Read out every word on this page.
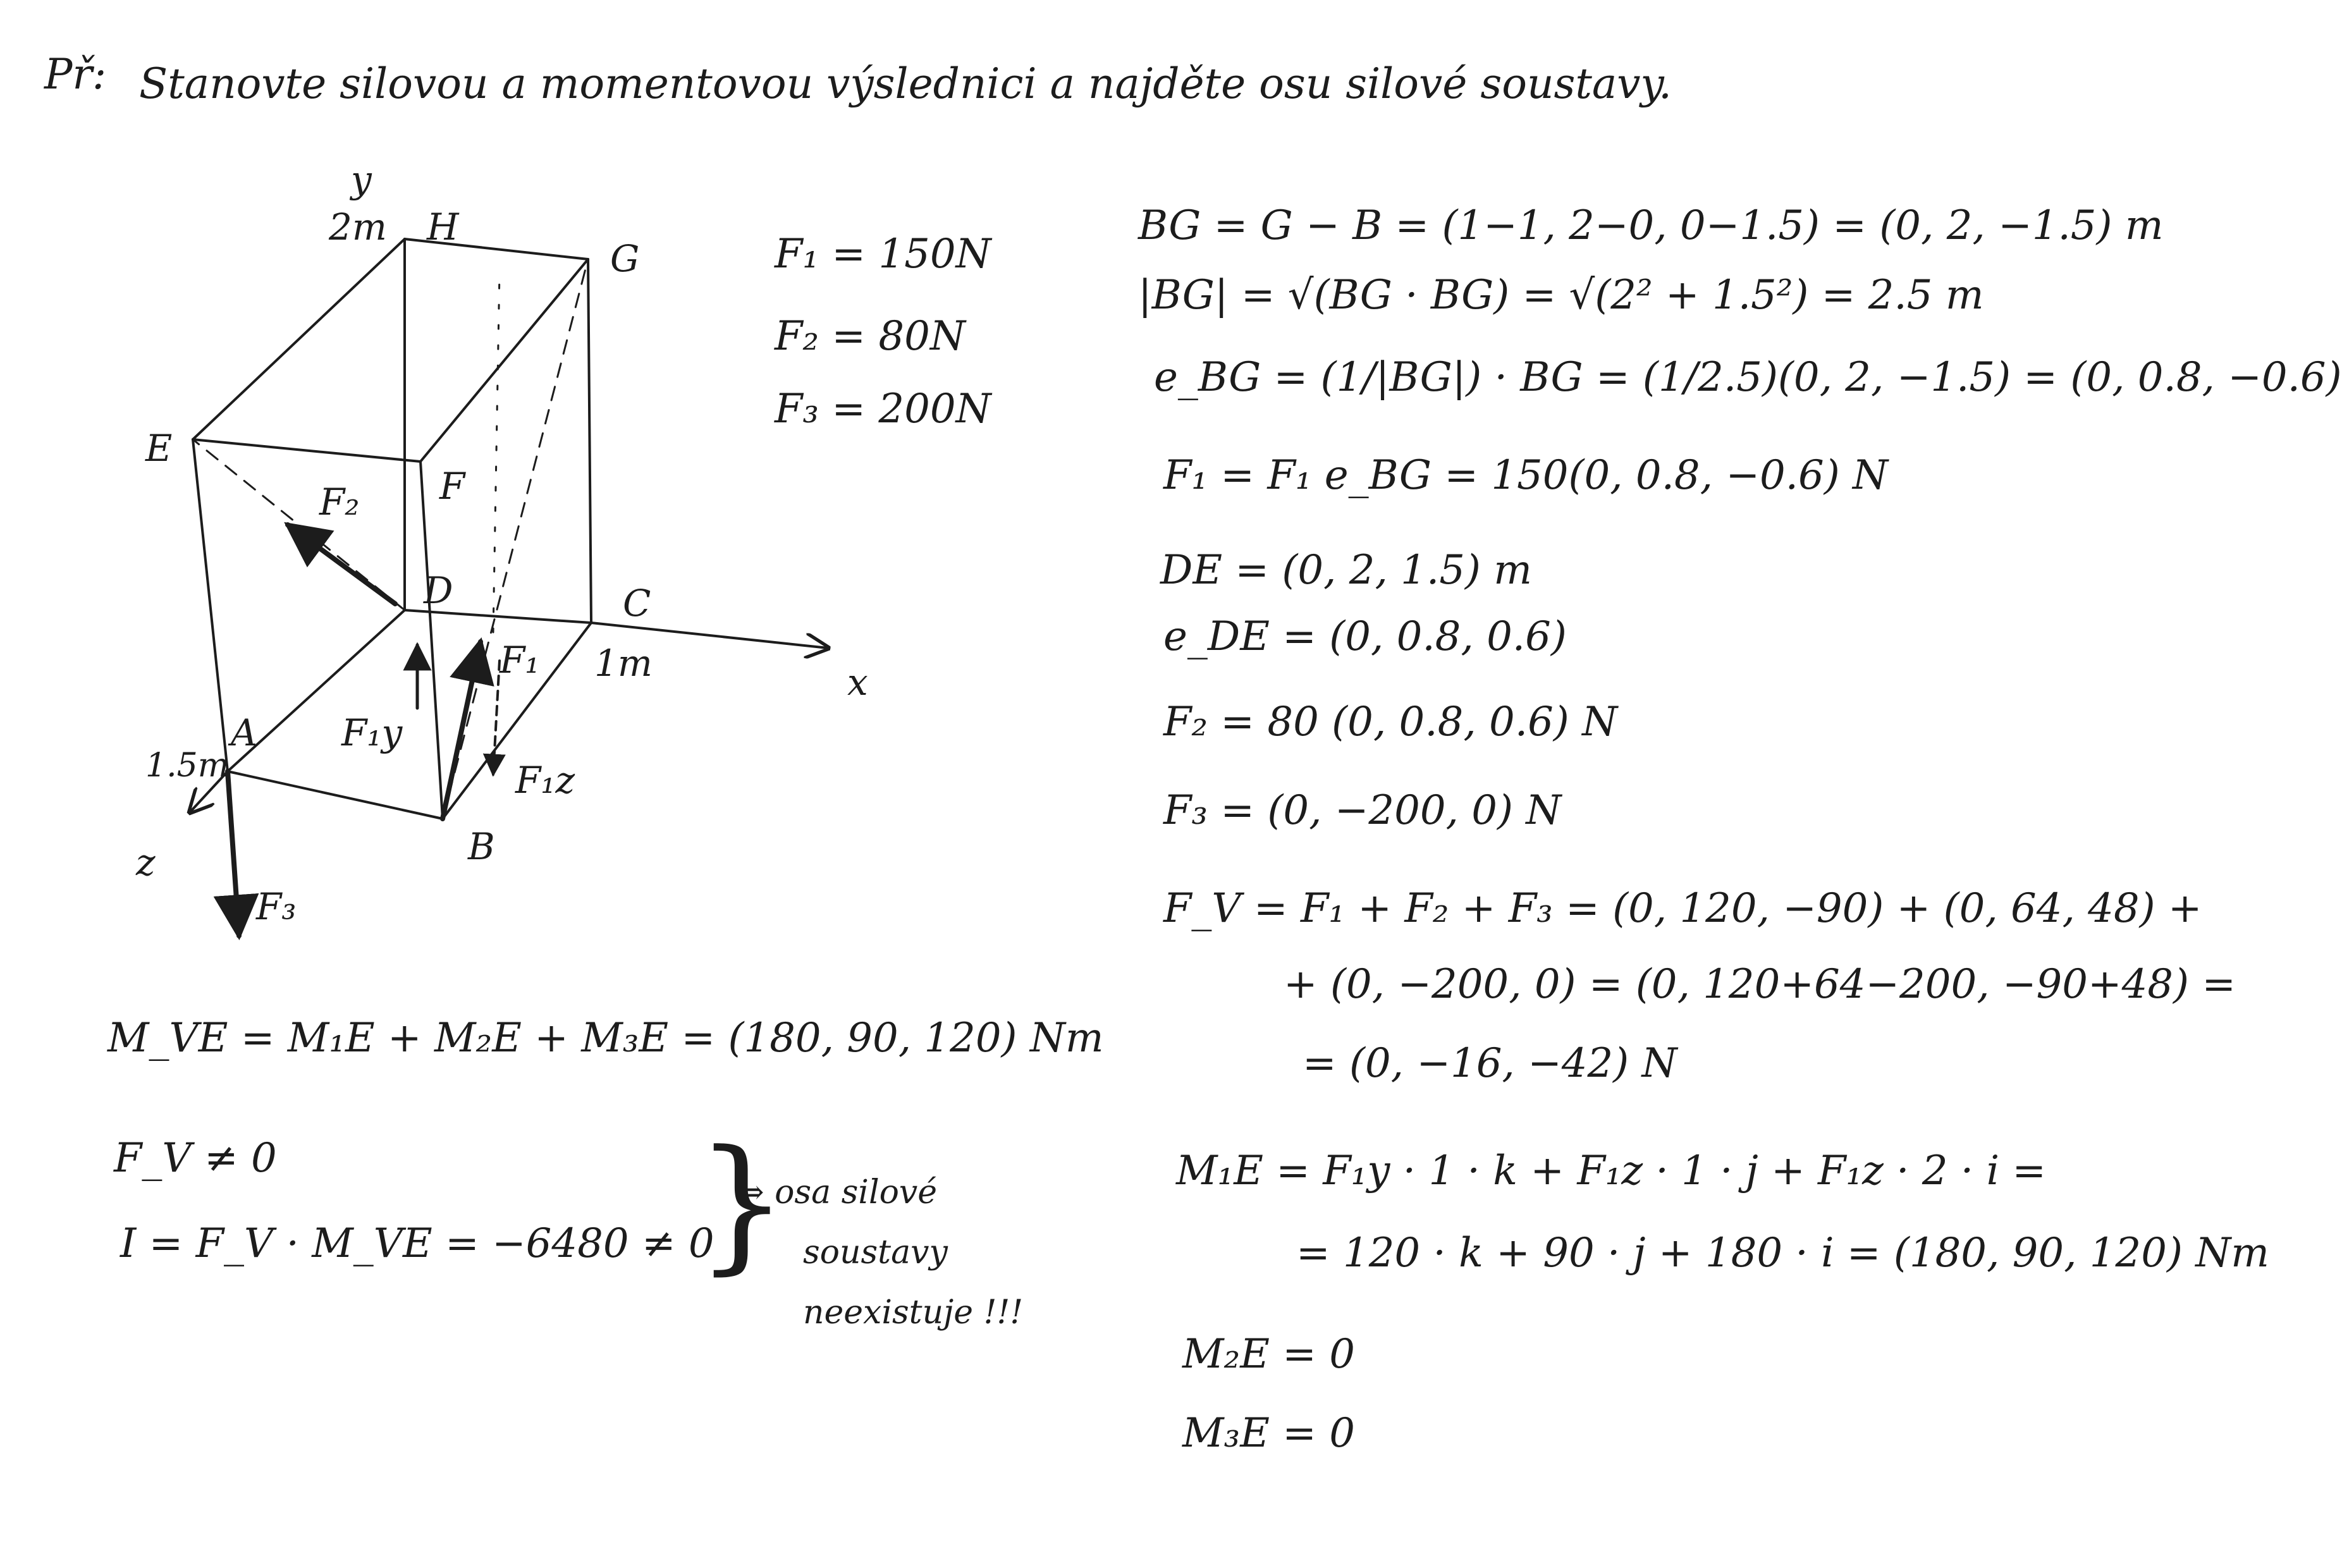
Př: Stanovte silovou a momentovou výslednici a najděte osu silové soustavy.
y
H
2m
G
E
F
F₂
D	C
F₁ 1m	x
F₁y
A
1.5m	F₁z
B
z
F₃
F₁ = 150N
F₂ = 80N
F₃ = 200N
BG = G − B = (1−1, 2−0, 0−1.5) = (0, 2, −1.5) m
|BG| = √(BG · BG) = √(2² + 1.5²) = 2.5 m
e_BG = (1/|BG|) · BG = (1/2.5)(0, 2, −1.5) = (0, 0.8, −0.6)
F₁ = F₁ e_BG = 150(0, 0.8, −0.6) N
DE = (0, 2, 1.5) m
e_DE = (0, 0.8, 0.6)
F₂ = 80 (0, 0.8, 0.6) N
F₃ = (0, −200, 0) N
F_V = F₁ + F₂ + F₃ = (0, 120, −90) + (0, 64, 48) +
+ (0, −200, 0) = (0, 120+64−200, −90+48) =
= (0, −16, −42) N
M₁E = F₁y · 1 · k + F₁z · 1 · j + F₁z · 2 · i =
= 120 · k + 90 · j + 180 · i = (180, 90, 120) Nm
M₂E = 0
M₃E = 0
M_VE = M₁E + M₂E + M₃E = (180, 90, 120) Nm
F_V ≠ 0
I = F_V · M_VE = −6480 ≠ 0
}
⇒ osa silové
soustavy
neexistuje !!!
